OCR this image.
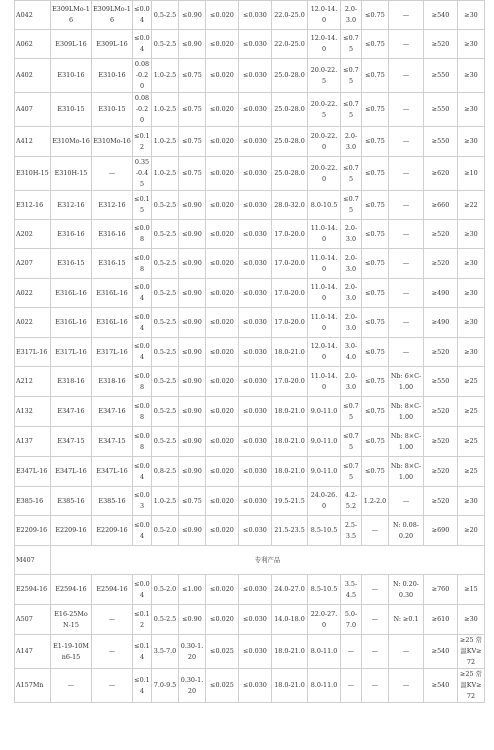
A042	E309LMo-16	E309LMo-16	≤0.04	0.5-2.5	≤0.90	≤0.020	≤0.030	22.0-25.0	12.0-14.0	2.0-3.0	≤0.75	—	≥540	≥30
A062	E309L-16	E309L-16	≤0.04	0.5-2.5	≤0.90	≤0.020	≤0.030	22.0-25.0	12.0-14.0	≤0.75	≤0.75	—	≥520	≥30
A402	E310-16	E310-16	0.08-0.20	1.0-2.5	≤0.75	≤0.020	≤0.030	25.0-28.0	20.0-22.5	≤0.75	≤0.75	—	≥550	≥30
A407	E310-15	E310-15	0.08-0.20	1.0-2.5	≤0.75	≤0.020	≤0.030	25.0-28.0	20.0-22.5	≤0.75	≤0.75	—	≥550	≥30
A412	E310Mo-16	E310Mo-16	≤0.12	1.0-2.5	≤0.75	≤0.020	≤0.030	25.0-28.0	20.0-22.0	2.0-3.0	≤0.75	—	≥550	≥30
E310H-15	E310H-15	—	0.35-0.45	1.0-2.5	≤0.75	≤0.020	≤0.030	25.0-28.0	20.0-22.0	≤0.75	≤0.75	—	≥620	≥10
E312-16	E312-16	E312-16	≤0.15	0.5-2.5	≤0.90	≤0.020	≤0.030	28.0-32.0	8.0-10.5	≤0.75	≤0.75	—	≥660	≥22
A202	E316-16	E316-16	≤0.08	0.5-2.5	≤0.90	≤0.020	≤0.030	17.0-20.0	11.0-14.0	2.0-3.0	≤0.75	—	≥520	≥30
A207	E316-15	E316-15	≤0.08	0.5-2.5	≤0.90	≤0.020	≤0.030	17.0-20.0	11.0-14.0	2.0-3.0	≤0.75	—	≥520	≥30
A022	E316L-16	E316L-16	≤0.04	0.5-2.5	≤0.90	≤0.020	≤0.030	17.0-20.0	11.0-14.0	2.0-3.0	≤0.75	—	≥490	≥30
A022	E316L-16	E316L-16	≤0.04	0.5-2.5	≤0.90	≤0.020	≤0.030	17.0-20.0	11.0-14.0	2.0-3.0	≤0.75	—	≥490	≥30
E317L-16	E317L-16	E317L-16	≤0.04	0.5-2.5	≤0.90	≤0.020	≤0.030	18.0-21.0	12.0-14.0	3.0-4.0	≤0.75	—	≥520	≥30
A212	E318-16	E318-16	≤0.08	0.5-2.5	≤0.90	≤0.020	≤0.030	17.0-20.0	11.0-14.0	2.0-3.0	≤0.75	Nb: 6×C-1.00	≥550	≥25
A132	E347-16	E347-16	≤0.08	0.5-2.5	≤0.90	≤0.020	≤0.030	18.0-21.0	9.0-11.0	≤0.75	≤0.75	Nb: 8×C-1.00	≥520	≥25
A137	E347-15	E347-15	≤0.08	0.5-2.5	≤0.90	≤0.020	≤0.030	18.0-21.0	9.0-11.0	≤0.75	≤0.75	Nb: 8×C-1.00	≥520	≥25
E347L-16	E347L-16	E347L-16	≤0.04	0.8-2.5	≤0.90	≤0.020	≤0.030	18.0-21.0	9.0-11.0	≤0.75	≤0.75	Nb: 8×C-1.00	≥520	≥25
E385-16	E385-16	E385-16	≤0.03	1.0-2.5	≤0.75	≤0.020	≤0.030	19.5-21.5	24.0-26.0	4.2-5.2	1.2-2.0	—	≥520	≥30
E2209-16	E2209-16	E2209-16	≤0.04	0.5-2.0	≤0.90	≤0.020	≤0.030	21.5-23.5	8.5-10.5	2.5-3.5	—	N: 0.08-0.20	≥690	≥20
M407	专利产品													
E2594-16	E2594-16	E2594-16	≤0.04	0.5-2.0	≤1.00	≤0.020	≤0.030	24.0-27.0	8.5-10.5	3.5-4.5	—	N: 0.20-0.30	≥760	≥15
A507	E16-25MoN-15	—	≤0.12	0.5-2.5	≤0.90	≤0.020	≤0.030	14.0-18.0	22.0-27.0	5.0-7.0	—	N: ≥0.1	≥610	≥30
A147	E1-19-10Mn6-15	—	≤0.14	3.5-7.0	0.30-1.20	≤0.025	≤0.030	18.0-21.0	8.0-11.0	—	—	—	≥540	≥25 常温KV≥72
A157Mn	—	—	≤0.14	7.0-9.5	0.30-1.20	≤0.025	≤0.030	18.0-21.0	8.0-11.0	—	—	—	≥540	≥25 常温KV≥72
